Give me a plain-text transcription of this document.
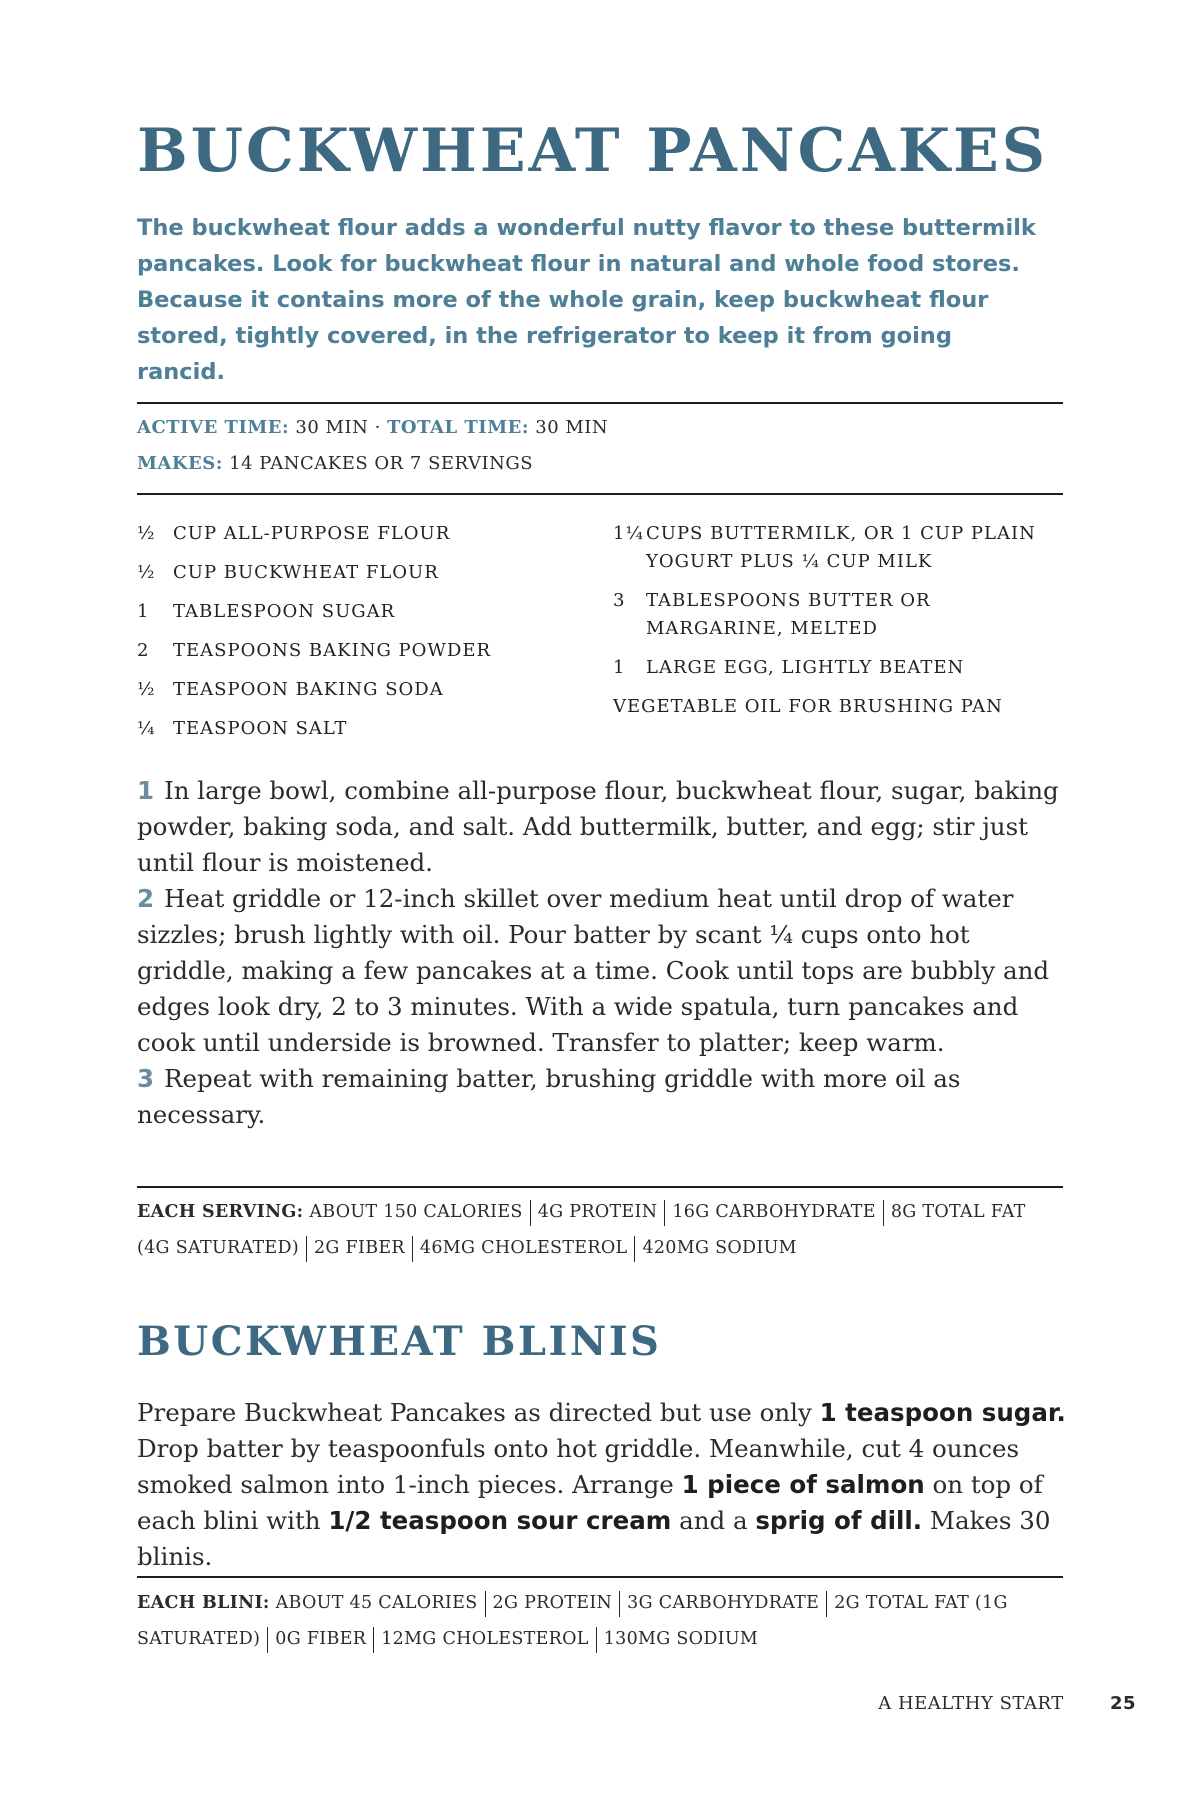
BUCKWHEAT PANCAKES

The buckwheat flour adds a wonderful nutty flavor to these buttermilk pancakes. Look for buckwheat flour in natural and whole food stores. Because it contains more of the whole grain, keep buckwheat flour stored, tightly covered, in the refrigerator to keep it from going rancid.

ACTIVE TIME: 30 MIN · TOTAL TIME: 30 MIN
MAKES: 14 PANCAKES OR 7 SERVINGS
½ CUP ALL-PURPOSE FLOUR
½ CUP BUCKWHEAT FLOUR
1	TABLESPOON SUGAR
2	TEASPOONS BAKING POWDER
½ TEASPOON BAKING SODA
¼ TEASPOON SALT
1¼ CUPS BUTTERMILK, OR 1 CUP PLAIN YOGURT PLUS ¼ CUP MILK
3	TABLESPOONS BUTTER OR MARGARINE, MELTED
1	LARGE EGG, LIGHTLY BEATEN
VEGETABLE OIL FOR BRUSHING PAN

1 In large bowl, combine all-purpose flour, buckwheat flour, sugar, baking powder, baking soda, and salt. Add buttermilk, butter, and egg; stir just until flour is moistened.

2 Heat griddle or 12-inch skillet over medium heat until drop of water sizzles; brush lightly with oil. Pour batter by scant ¼ cups onto hot griddle, making a few pancakes at a time. Cook until tops are bubbly and edges look dry, 2 to 3 minutes. With a wide spatula, turn pancakes and cook until underside is browned. Transfer to platter; keep warm.

3 Repeat with remaining batter, brushing griddle with more oil as necessary.

EACH SERVING: ABOUT 150 CALORIES 4G PROTEIN 16G CARBOHYDRATE 8G TOTAL FAT (4G SATURATED) 2G FIBER 46MG CHOLESTEROL 420MG SODIUM
BUCKWHEAT BLINIS

Prepare Buckwheat Pancakes as directed but use only 1 teaspoon sugar. Drop batter by teaspoonfuls onto hot griddle. Meanwhile, cut 4 ounces smoked salmon into 1-inch pieces. Arrange 1 piece of salmon on top of each blini with 1/2 teaspoon sour cream and a sprig of dill. Makes 30 blinis.

EACH BLINI: ABOUT 45 CALORIES 2G PROTEIN 3G CARBOHYDRATE 2G TOTAL FAT (1G SATURATED) 0G FIBER 12MG CHOLESTEROL 130MG SODIUM
A HEALTHY START	25
